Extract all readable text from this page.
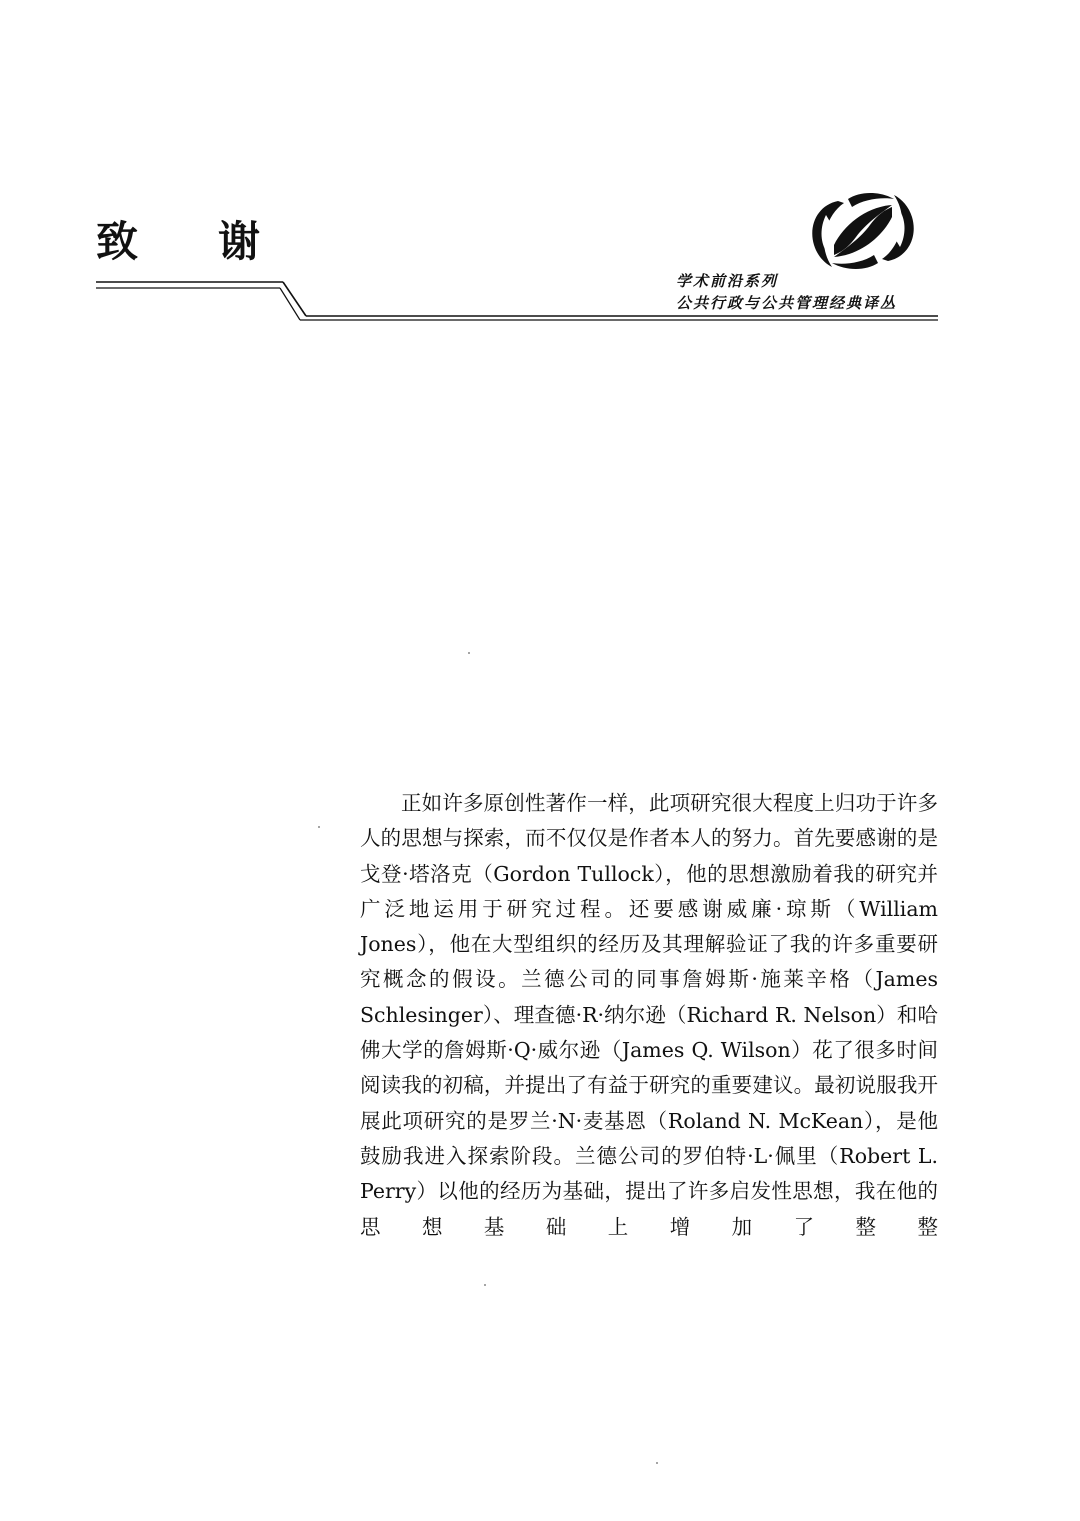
致 谢
学术前沿系列
公共行政与公共管理经典译丛

正如许多原创性著作一样，此项研究很大程度上归功于许多人的思想与探索，而不仅仅是作者本人的努力。首先要感谢的是戈登·塔洛克（Gordon Tullock），他的思想激励着我的研究并广泛地运用于研究过程。还要感谢威廉·琼斯（William Jones），他在大型组织的经历及其理解验证了我的许多重要研究概念的假设。兰德公司的同事詹姆斯·施莱辛格（James Schlesinger）、理查德·R·纳尔逊（Richard R. Nelson）和哈佛大学的詹姆斯·Q·威尔逊（James Q. Wilson）花了很多时间阅读我的初稿，并提出了有益于研究的重要建议。最初说服我开展此项研究的是罗兰·N·麦基恩（Roland N. McKean），是他鼓励我进入探索阶段。兰德公司的罗伯特·L·佩里（Robert L. Perry）以他的经历为基础，提出了许多启发性思想，我在他的思想基础上增加了整整
